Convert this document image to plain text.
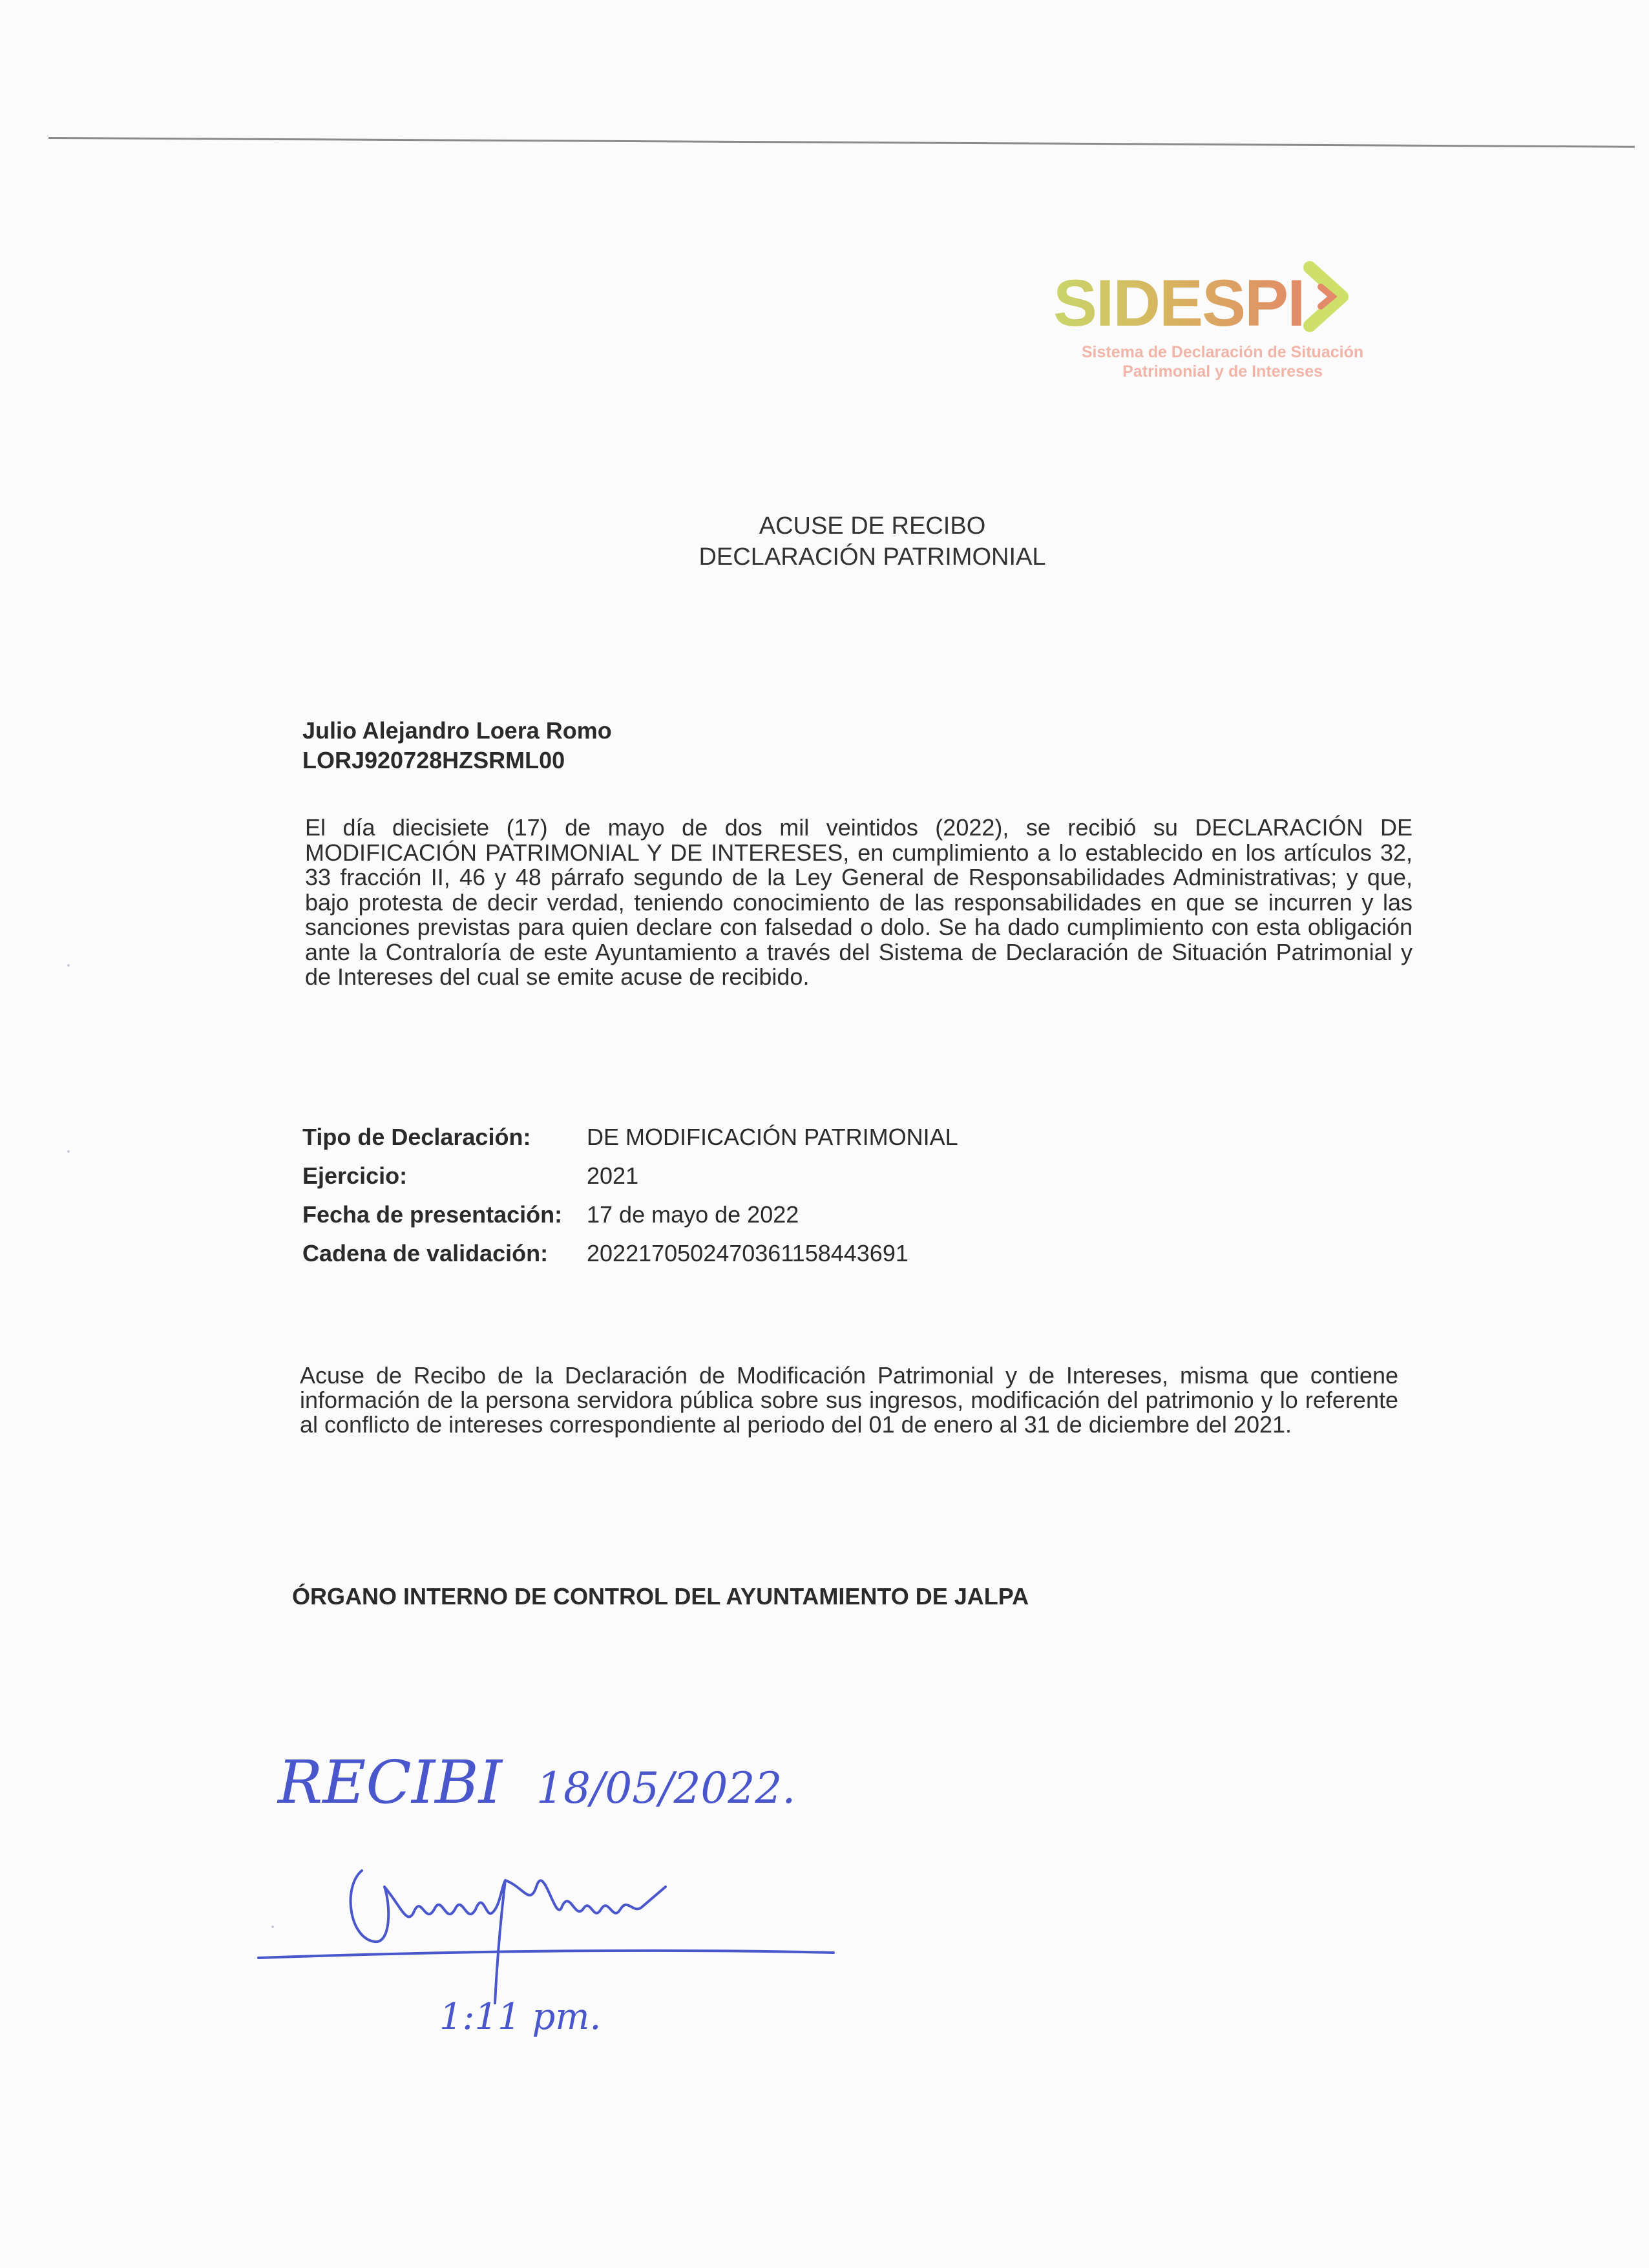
SIDESPI
Sistema de Declaración de Situación
Patrimonial y de Intereses
ACUSE DE RECIBO
DECLARACIÓN PATRIMONIAL
Julio Alejandro Loera Romo
LORJ920728HZSRML00
El día diecisiete (17) de mayo de dos mil veintidos (2022), se recibió su DECLARACIÓN DE MODIFICACIÓN PATRIMONIAL Y DE INTERESES, en cumplimiento a lo establecido en los artículos 32, 33 fracción II, 46 y 48 párrafo segundo de la Ley General de Responsabilidades Administrativas; y que, bajo protesta de decir verdad, teniendo conocimiento de las responsabilidades en que se incurren y las sanciones previstas para quien declare con falsedad o dolo. Se ha dado cumplimiento con esta obligación ante la Contraloría de este Ayuntamiento a través del Sistema de Declaración de Situación Patrimonial y de Intereses del cual se emite acuse de recibido.
Tipo de Declaración:	DE MODIFICACIÓN PATRIMONIAL
Ejercicio:	2021
Fecha de presentación:	17 de mayo de 2022
Cadena de validación:	20221705024703611584436​91
Acuse de Recibo de la Declaración de Modificación Patrimonial y de Intereses, misma que contiene información de la persona servidora pública sobre sus ingresos, modificación del patrimonio y lo referente al conflicto de intereses correspondiente al periodo del 01 de enero al 31 de diciembre del 2021.
ÓRGANO INTERNO DE CONTROL DEL AYUNTAMIENTO DE JALPA
RECIBI 18/05/2022.
1:11 pm.
